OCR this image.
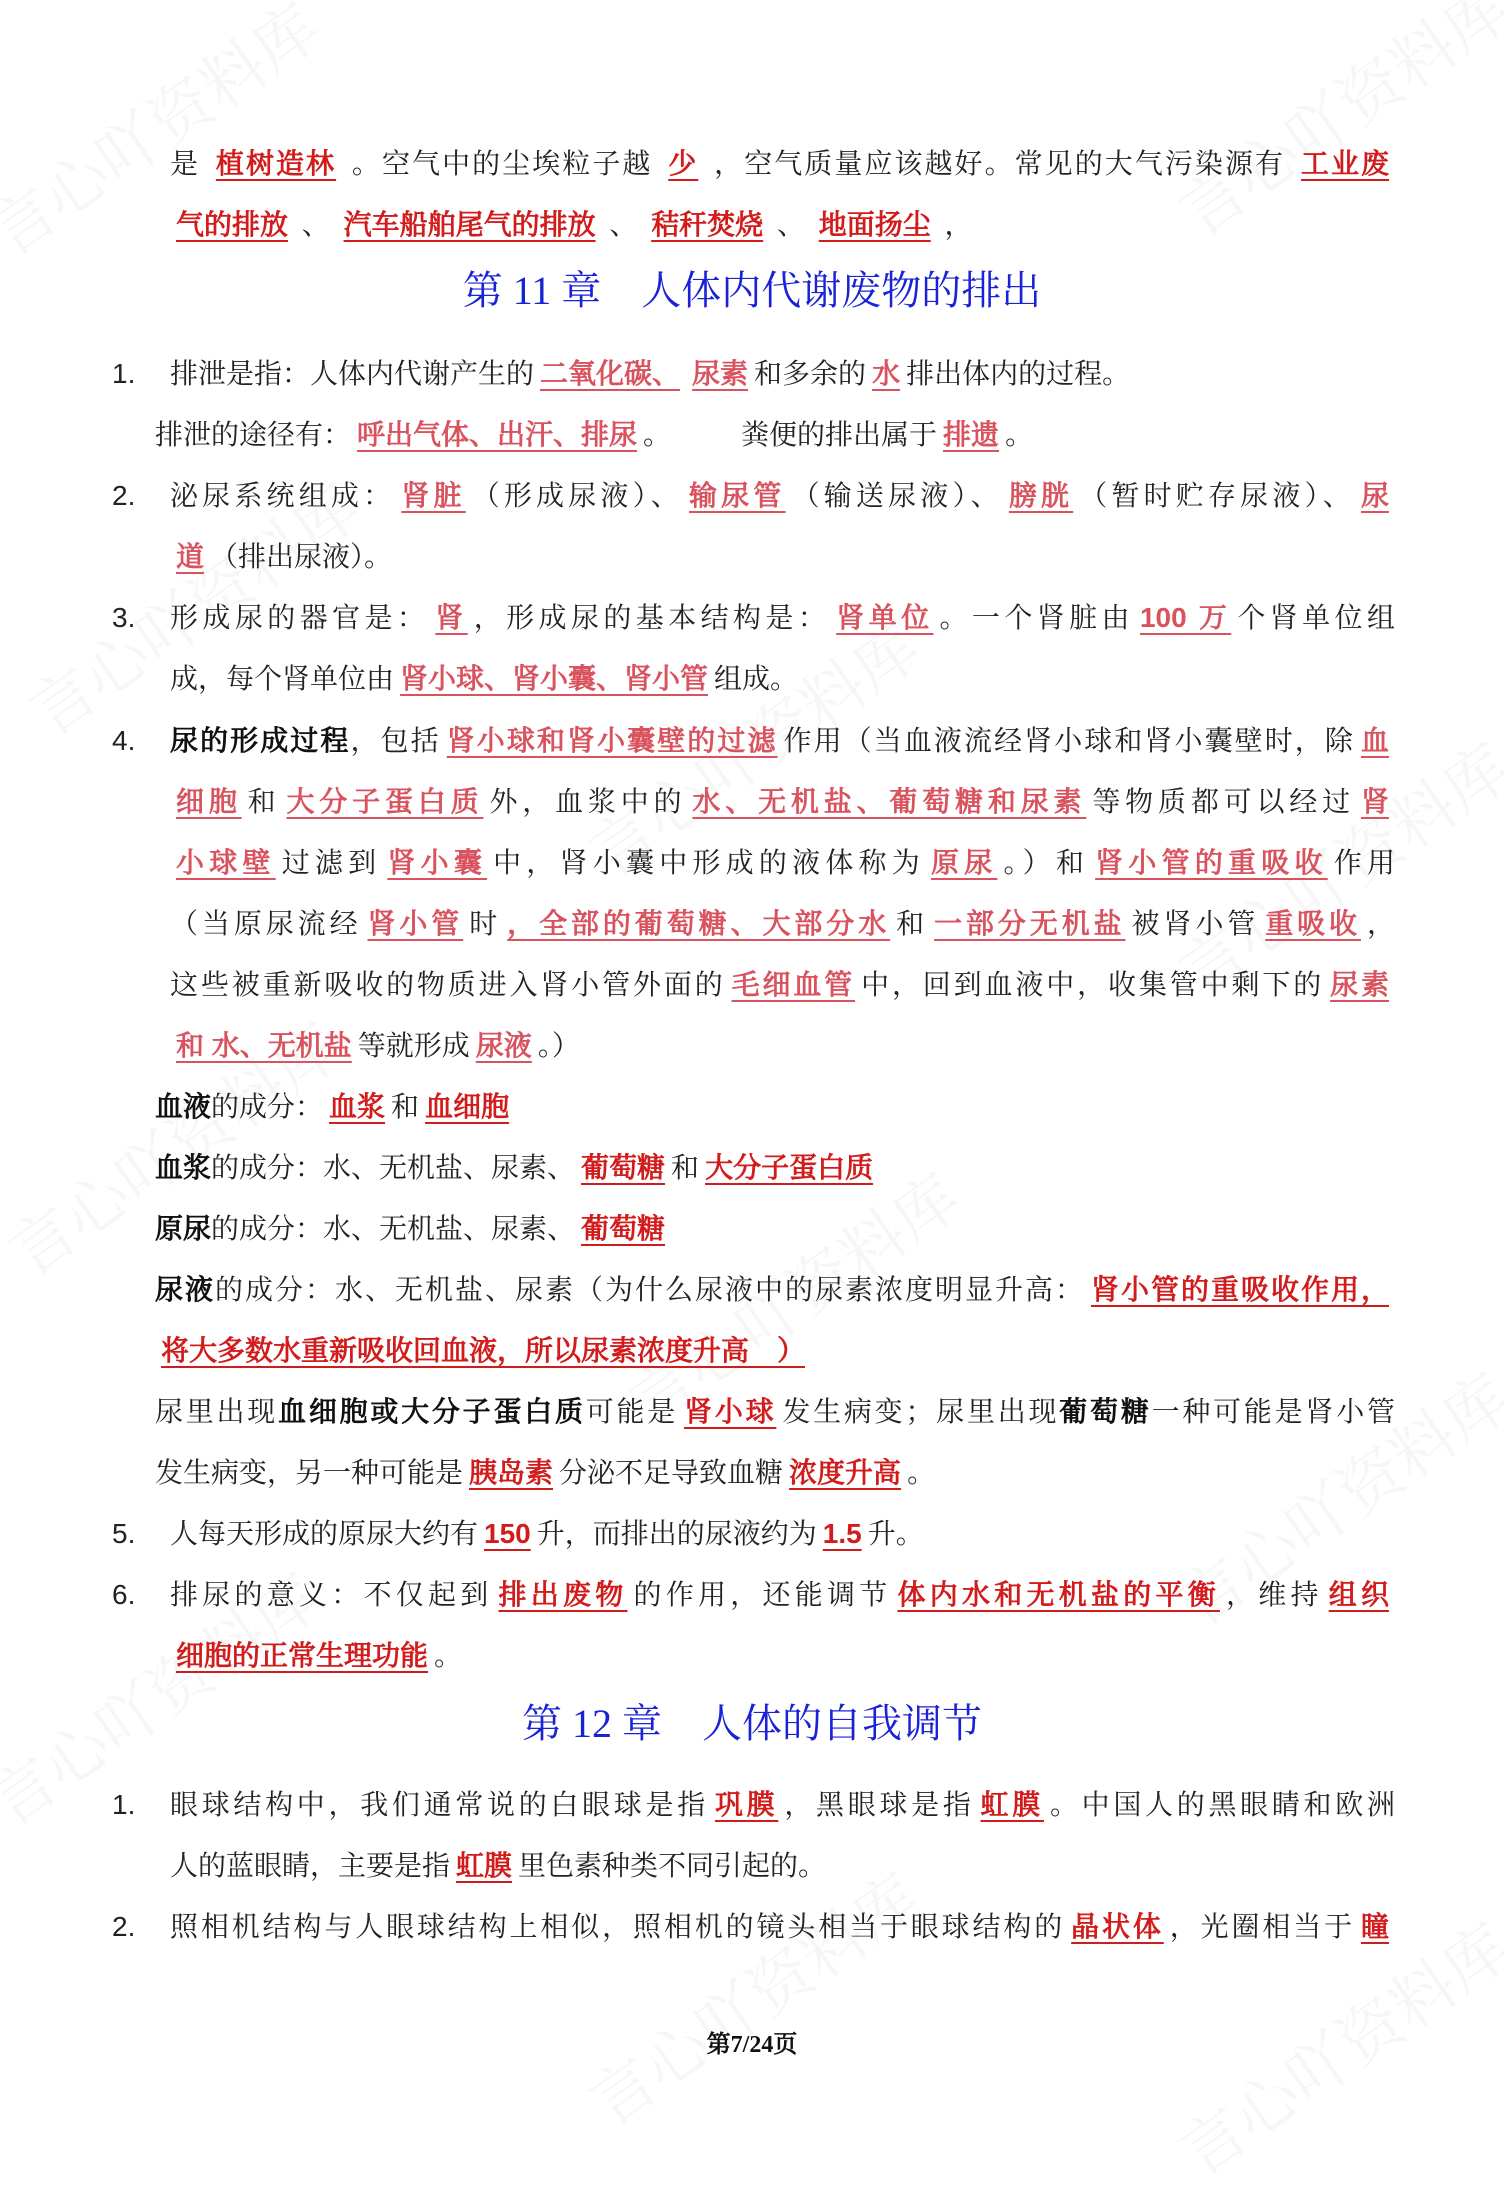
第 11 章　人体内代谢废物的排出
第 12 章　人体的自我调节
第7/24页
是 植树造林 。空气中的尘埃粒子越 少 ，空气质量应该越好。常见的大气污染源有 工业废
气的排放 、 汽车船舶尾气的排放 、 秸秆焚烧 、 地面扬尘 ，
1. 排泄是指：人体内代谢产生的 二氧化碳、 尿素 和多余的 水 排出体内的过程。
排泄的途径有： 呼出气体、出汗、排尿 。　　　粪便的排出属于 排遗 。
2. 泌尿系统组成： 肾脏 （形成尿液）、 输尿管 （输送尿液）、 膀胱 （暂时贮存尿液）、 尿
道 （排出尿液）。
3. 形成尿的器官是： 肾 ，形成尿的基本结构是： 肾单位 。一个肾脏由 100 万 个肾单位组
成，每个肾单位由 肾小球、肾小囊、肾小管 组成。
4. 尿的形成过程，包括 肾小球和肾小囊壁的过滤 作用（当血液流经肾小球和肾小囊壁时，除 血
细胞 和 大分子蛋白质 外，血浆中的 水、无机盐、葡萄糖和尿素 等物质都可以经过 肾
小球壁 过滤到 肾小囊 中，肾小囊中形成的液体称为 原尿 。）和 肾小管的重吸收 作用
（当原尿流经 肾小管 时 ，全部的葡萄糖、大部分水 和 一部分无机盐 被肾小管 重吸收 ，
这些被重新吸收的物质进入肾小管外面的 毛细血管 中，回到血液中，收集管中剩下的 尿素
和 水、无机盐 等就形成 尿液 。）
血液的成分： 血浆 和 血细胞
血浆的成分：水、无机盐、尿素、 葡萄糖 和 大分子蛋白质
原尿的成分：水、无机盐、尿素、 葡萄糖
尿液的成分：水、无机盐、尿素（为什么尿液中的尿素浓度明显升高： 肾小管的重吸收作用，
将大多数水重新吸收回血液，所以尿素浓度升高　）
尿里出现血细胞或大分子蛋白质可能是 肾小球 发生病变；尿里出现葡萄糖一种可能是肾小管
发生病变，另一种可能是 胰岛素 分泌不足导致血糖 浓度升高 。
5. 人每天形成的原尿大约有 150 升，而排出的尿液约为 1.5 升。
6. 排尿的意义：不仅起到 排出废物 的作用，还能调节 体内水和无机盐的平衡 ，维持 组织
细胞的正常生理功能 。
1. 眼球结构中，我们通常说的白眼球是指 巩膜 ，黑眼球是指 虹膜 。中国人的黑眼睛和欧洲
人的蓝眼睛，主要是指 虹膜 里色素种类不同引起的。
2. 照相机结构与人眼球结构上相似，照相机的镜头相当于眼球结构的 晶状体 ，光圈相当于 瞳
